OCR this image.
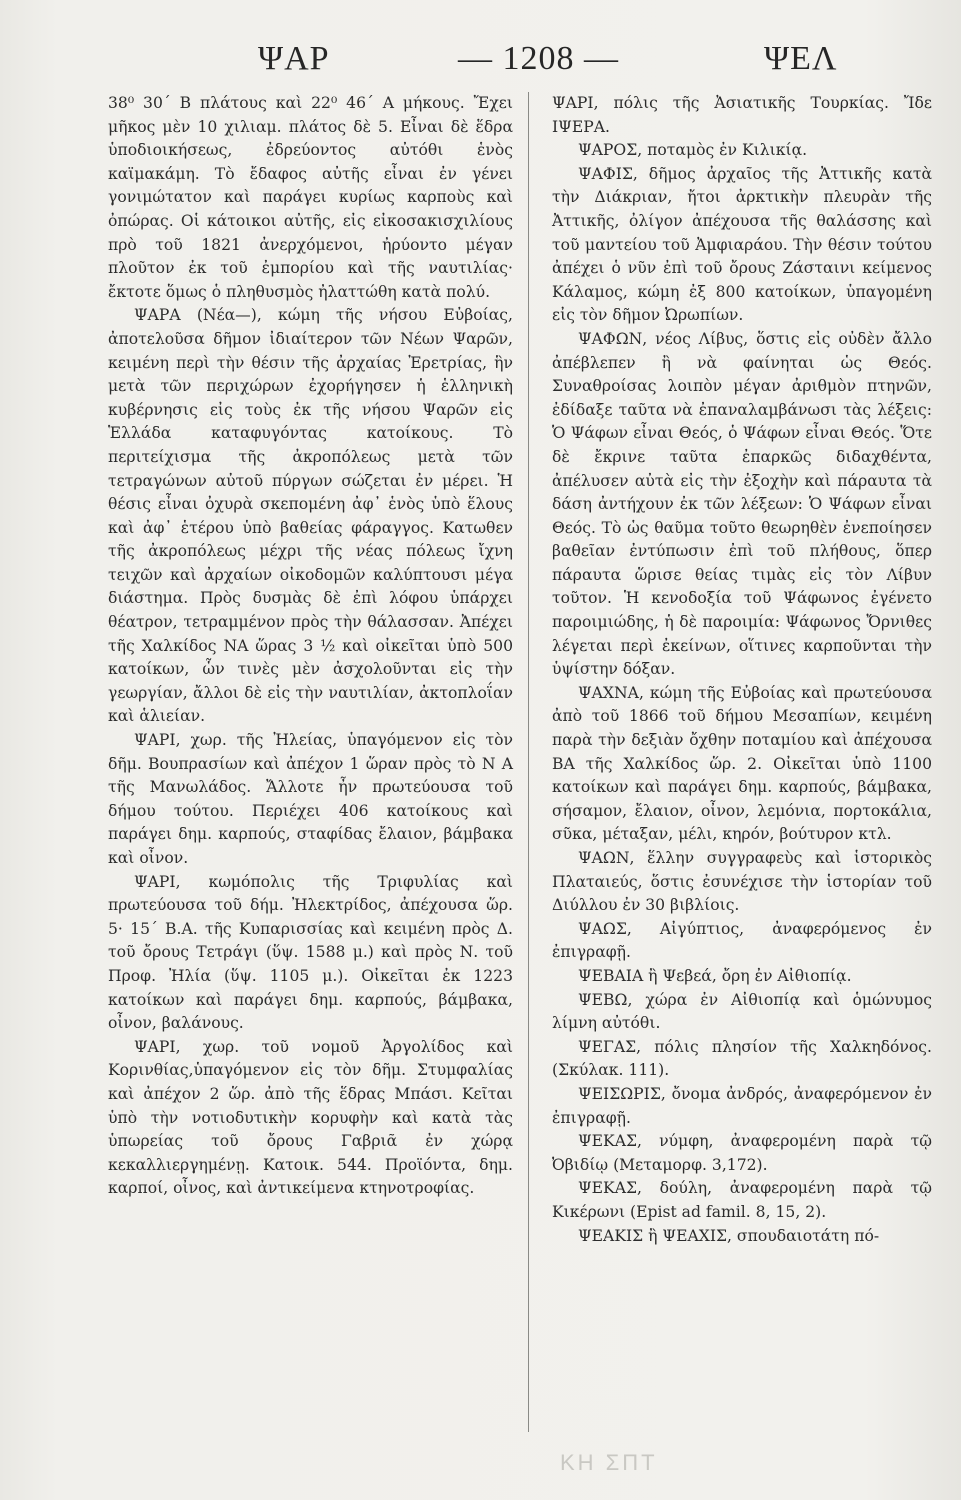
ΨΑΡ	— 1208 —	ΨΕΛ

38⁰ 30΄ Β πλάτους καὶ 22⁰ 46΄ Α μήκους. Ἔχει μῆκος μὲν 10 χιλιαμ. πλάτος δὲ 5. Εἶναι δὲ ἕδρα ὑποδιοικήσεως, ἐδρεύοντος αὐτόθι ἑνὸς καϊμακάμη. Τὸ ἔδαφος αὐτῆς εἶναι ἐν γένει γονιμώτατον καὶ παράγει κυρίως καρποὺς καὶ ὀπώρας. Οἱ κάτοικοι αὐτῆς, εἰς εἰκοσακισχιλίους πρὸ τοῦ 1821 ἀνερχόμενοι, ἠρύοντο μέγαν πλοῦτον ἐκ τοῦ ἐμπορίου καὶ τῆς ναυτιλίας· ἔκτοτε ὅμως ὁ πληθυσμὸς ἠλαττώθη κατὰ πολύ.

ΨΑΡΑ (Νέα—), κώμη τῆς νήσου Εὐβοίας, ἀποτελοῦσα δῆμον ἰδιαίτερον τῶν Νέων Ψαρῶν, κειμένη περὶ τὴν θέσιν τῆς ἀρχαίας Ἐρετρίας, ἣν μετὰ τῶν περιχώρων ἐχορήγησεν ἡ ἑλληνικὴ κυβέρνησις εἰς τοὺς ἐκ τῆς νήσου Ψαρῶν εἰς Ἑλλάδα καταφυγόντας κατοίκους. Τὸ περιτείχισμα τῆς ἀκροπόλεως μετὰ τῶν τετραγώνων αὐτοῦ πύργων σώζεται ἐν μέρει. Ἡ θέσις εἶναι ὀχυρὰ σκεπομένη ἀφ᾿ ἑνὸς ὑπὸ ἕλους καὶ ἀφ᾿ ἑτέρου ὑπὸ βαθείας φάραγγος. Κατωθεν τῆς ἀκροπόλεως μέχρι τῆς νέας πόλεως ἴχνη τειχῶν καὶ ἀρχαίων οἰκοδομῶν καλύπτουσι μέγα διάστημα. Πρὸς δυσμὰς δὲ ἐπὶ λόφου ὑπάρχει θέατρον, τετραμμένον πρὸς τὴν θάλασσαν. Ἀπέχει τῆς Χαλκίδος ΝΑ ὥρας 3 ½ καὶ οἰκεῖται ὑπὸ 500 κατοίκων, ὧν τινὲς μὲν ἀσχολοῦνται εἰς τὴν γεωργίαν, ἄλλοι δὲ εἰς τὴν ναυτιλίαν, ἀκτοπλοΐαν καὶ ἁλιείαν.

ΨΑΡΙ, χωρ. τῆς Ἠλείας, ὑπαγόμενον εἰς τὸν δῆμ. Βουπρασίων καὶ ἀπέχον 1 ὥραν πρὸς τὸ Ν Α τῆς Μανωλάδος. Ἄλλοτε ἦν πρωτεύουσα τοῦ δήμου τούτου. Περιέχει 406 κατοίκους καὶ παράγει δημ. καρπούς, σταφίδας ἔλαιον, βάμβακα καὶ οἶνον.

ΨΑΡΙ, κωμόπολις τῆς Τριφυλίας καὶ πρωτεύουσα τοῦ δήμ. Ἠλεκτρίδος, ἀπέχουσα ὥρ. 5· 15΄ Β.Α. τῆς Κυπαρισσίας καὶ κειμένη πρὸς Δ. τοῦ ὄρους Τετράγι (ὕψ. 1588 μ.) καὶ πρὸς Ν. τοῦ Προφ. Ἠλία (ὕψ. 1105 μ.). Οἰκεῖται ἐκ 1223 κατοίκων καὶ παράγει δημ. καρπούς, βάμβακα, οἶνον, βαλάνους.

ΨΑΡΙ, χωρ. τοῦ νομοῦ Ἀργολίδος καὶ Κορινθίας,ὑπαγόμενον εἰς τὸν δῆμ. Στυμφαλίας καὶ ἀπέχον 2 ὥρ. ἀπὸ τῆς ἕδρας Μπάσι. Κεῖται ὑπὸ τὴν νοτιοδυτικὴν κορυφὴν καὶ κατὰ τὰς ὑπωρείας τοῦ ὄρους Γαβριᾶ ἐν χώρᾳ κεκαλλιεργημένῃ. Κατοικ. 544. Προϊόντα, δημ. καρποί, οἶνος, καὶ ἀντικείμενα κτηνοτροφίας.

ΨΑΡΙ, πόλις τῆς Ἀσιατικῆς Τουρκίας. Ἴδε ΙΨΕΡΑ.

ΨΑΡΟΣ, ποταμὸς ἐν Κιλικίᾳ.

ΨΑΦΙΣ, δῆμος ἀρχαῖος τῆς Ἀττικῆς κατὰ τὴν Διάκριαν, ἤτοι ἀρκτικὴν πλευρὰν τῆς Ἀττικῆς, ὀλίγον ἀπέχουσα τῆς θαλάσσης καὶ τοῦ μαντείου τοῦ Ἀμφιαράου. Τὴν θέσιν τούτου ἀπέχει ὁ νῦν ἐπὶ τοῦ ὄρους Ζάσταινι κείμενος Κάλαμος, κώμη ἐξ 800 κατοίκων, ὑπαγομένη εἰς τὸν δῆμον Ὠρωπίων.

ΨΑΦΩΝ, νέος Λίβυς, ὅστις εἰς οὐδὲν ἄλλο ἀπέβλεπεν ἢ νὰ φαίνηται ὡς Θεός. Συναθροίσας λοιπὸν μέγαν ἀριθμὸν πτηνῶν, ἐδίδαξε ταῦτα νὰ ἐπαναλαμβάνωσι τὰς λέξεις: Ὁ Ψάφων εἶναι Θεός, ὁ Ψάφων εἶναι Θεός. Ὅτε δὲ ἔκρινε ταῦτα ἐπαρκῶς διδαχθέντα, ἀπέλυσεν αὐτὰ εἰς τὴν ἐξοχὴν καὶ πάραυτα τὰ δάση ἀντήχουν ἐκ τῶν λέξεων: Ὁ Ψάφων εἶναι Θεός. Τὸ ὡς θαῦμα τοῦτο θεωρηθὲν ἐνεποίησεν βαθεῖαν ἐντύπωσιν ἐπὶ τοῦ πλήθους, ὅπερ πάραυτα ὥρισε θείας τιμὰς εἰς τὸν Λίβυν τοῦτον. Ἡ κενοδοξία τοῦ Ψάφωνος ἐγένετο παροιμιώδης, ἡ δὲ παροιμία: Ψάφωνος Ὄρνιθες λέγεται περὶ ἐκείνων, οἵτινες καρποῦνται τὴν ὑψίστην δόξαν.

ΨΑΧΝΑ, κώμη τῆς Εὐβοίας καὶ πρωτεύουσα ἀπὸ τοῦ 1866 τοῦ δήμου Μεσαπίων, κειμένη παρὰ τὴν δεξιὰν ὄχθην ποταμίου καὶ ἀπέχουσα ΒΑ τῆς Χαλκίδος ὥρ. 2. Οἰκεῖται ὑπὸ 1100 κατοίκων καὶ παράγει δημ. καρπούς, βάμβακα, σήσαμον, ἔλαιον, οἶνον, λεμόνια, πορτοκάλια, σῦκα, μέταξαν, μέλι, κηρόν, βούτυρον κτλ.

ΨΑΩΝ, ἕλλην συγγραφεὺς καὶ ἱστορικὸς Πλαταιεύς, ὅστις ἐσυνέχισε τὴν ἱστορίαν τοῦ Διύλλου ἐν 30 βιβλίοις.

ΨΑΩΣ, Αἰγύπτιος, ἀναφερόμενος ἐν ἐπιγραφῇ.

ΨΕΒΑΙΑ ἢ Ψεβεά, ὄρη ἐν Αἰθιοπίᾳ.

ΨΕΒΩ, χώρα ἐν Αἰθιοπίᾳ καὶ ὁμώνυμος λίμνη αὐτόθι.

ΨΕΓΑΣ, πόλις πλησίον τῆς Χαλκηδόνος. (Σκύλακ. 111).

ΨΕΙΣΩΡΙΣ, ὄνομα ἀνδρός, ἀναφερόμενον ἐν ἐπιγραφῇ.

ΨΕΚΑΣ, νύμφη, ἀναφερομένη παρὰ τῷ Ὀβιδίῳ (Μεταμορφ. 3,172).

ΨΕΚΑΣ, δούλη, ἀναφερομένη παρὰ τῷ Κικέρωνι (Epist ad famil. 8, 15, 2).

ΨΕΑΚΙΣ ἢ ΨΕΑΧΙΣ, σπουδαιοτάτη πό-

ΚΗ ΣΠΤ
